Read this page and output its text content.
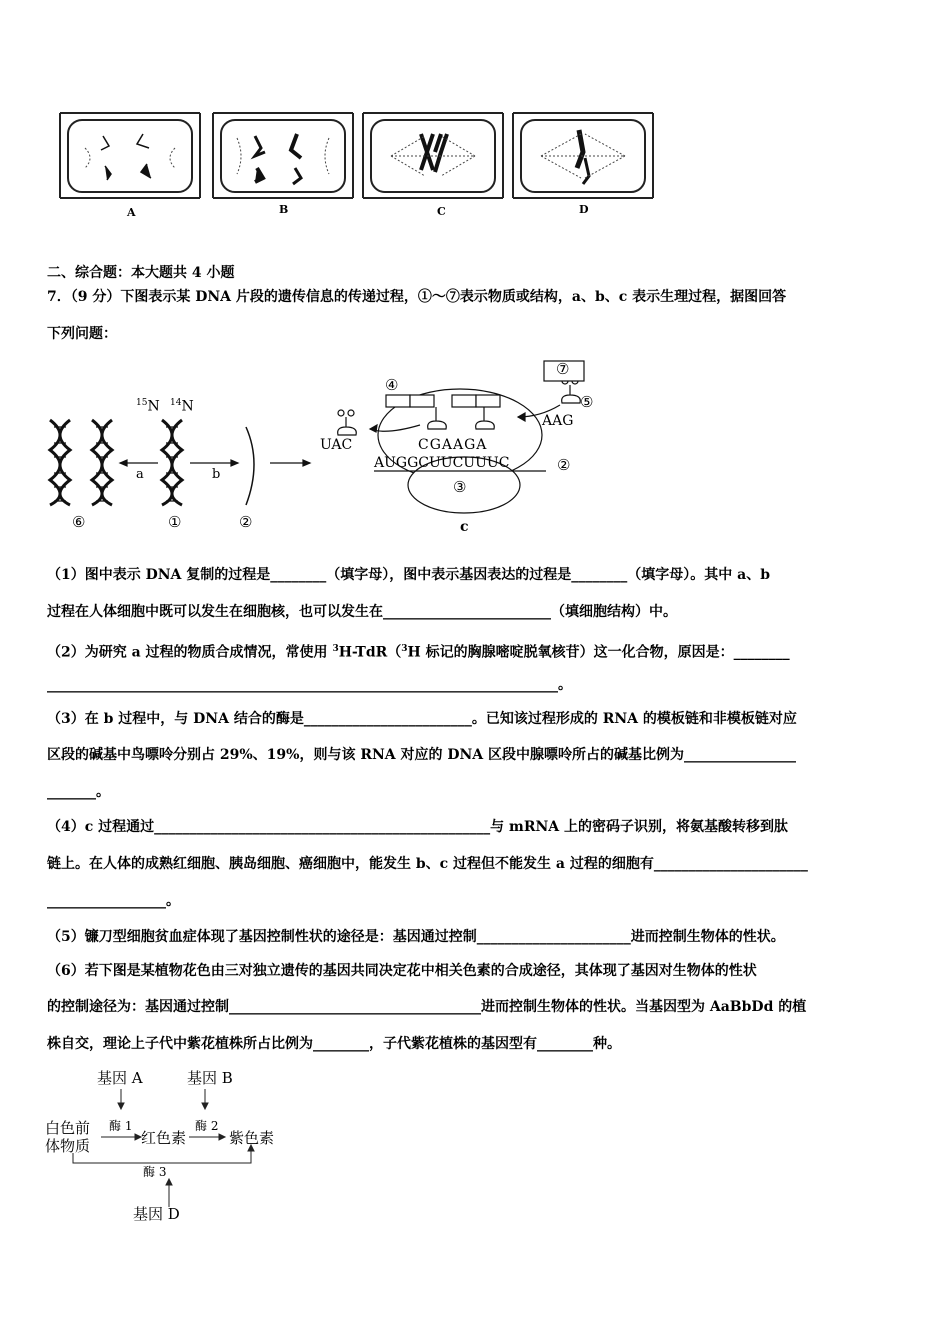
A	B	C	D
二、综合题：本大题共 4 小题
7．（9 分）下图表示某 DNA 片段的遗传信息的传递过程，①～⑦表示物质或结构，a、b、c 表示生理过程，据图回答
下列问题：
$^{15}$N $^{14}$N
a	b
c
⑥	①	②
②
③
④
⑤
⑦
UAC	CGAAGA
AUGGCUUCUUUC
AAG
（1）图中表示 DNA 复制的过程是________（填字母），图中表示基因表达的过程是________（填字母）。其中 a、b
过程在人体细胞中既可以发生在细胞核，也可以发生在________________________（填细胞结构）中。
（2）为研究 a 过程的物质合成情况，常使用 $^3$H-TdR（$^3$H 标记的胸腺嘧啶脱氧核苷）这一化合物，原因是：________
_________________________________________________________________________。
（3）在 b 过程中，与 DNA 结合的酶是________________________。已知该过程形成的 RNA 的模板链和非模板链对应
区段的碱基中鸟嘌呤分别占 29%、19%，则与该 RNA 对应的 DNA 区段中腺嘌呤所占的碱基比例为________________
_______。
（4）c 过程通过________________________________________________与 mRNA 上的密码子识别，将氨基酸转移到肽
链上。在人体的成熟红细胞、胰岛细胞、癌细胞中，能发生 b、c 过程但不能发生 a 过程的细胞有______________________
_________________。
（5）镰刀型细胞贫血症体现了基因控制性状的途径是：基因通过控制______________________进而控制生物体的性状。
（6）若下图是某植物花色由三对独立遗传的基因共同决定花中相关色素的合成途径，其体现了基因对生物体的性状
的控制途径为：基因通过控制____________________________________进而控制生物体的性状。当基因型为 AaBbDd 的植
株自交，理论上子代中紫花植株所占比例为________，子代紫花植株的基因型有________种。
基因 A	基因 B
白色前
体物质
酶 1
红色素
酶 2
紫色素
酶 3
基因 D
